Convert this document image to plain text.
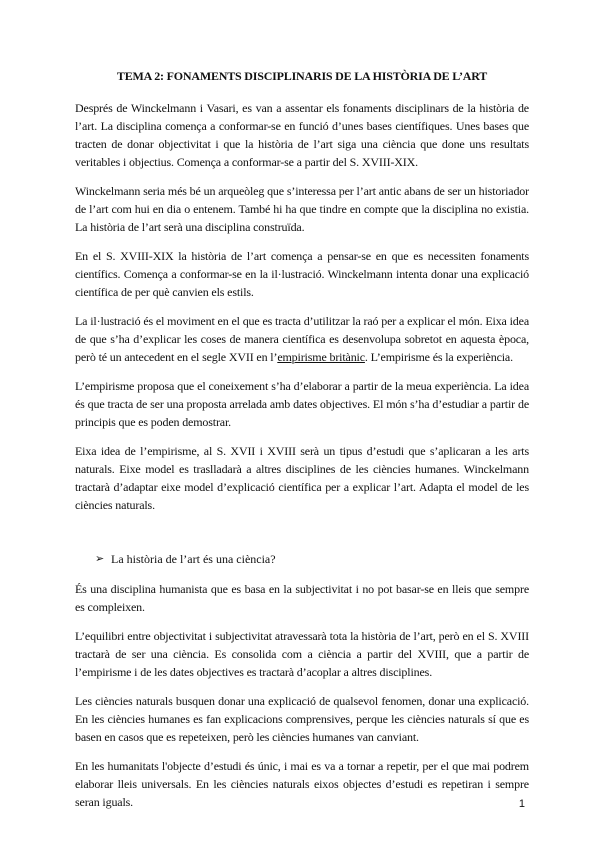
TEMA 2: FONAMENTS DISCIPLINARIS DE LA HISTÒRIA DE L’ART

Després de Winckelmann i Vasari, es van a assentar els fonaments disciplinars de la història de l’art. La disciplina comença a conformar-se en funció d’unes bases científiques. Unes bases que tracten de donar objectivitat i que la història de l’art siga una ciència que done uns resultats veritables i objectius. Comença a conformar-se a partir del S. XVIII-XIX.

Winckelmann seria més bé un arqueòleg que s’interessa per l’art antic abans de ser un historiador de l’art com hui en dia o entenem. També hi ha que tindre en compte que la disciplina no existia. La història de l’art serà una disciplina construïda.

En el S. XVIII-XIX la història de l’art comença a pensar-se en que es necessiten fonaments científics. Comença a conformar-se en la il·lustració. Winckelmann intenta donar una explicació científica de per què canvien els estils.

La il·lustració és el moviment en el que es tracta d’utilitzar la raó per a explicar el món. Eixa idea de que s’ha d’explicar les coses de manera científica es desenvolupa sobretot en aquesta època, però té un antecedent en el segle XVII en l’empirisme britànic. L’empirisme és la experiència.

L’empirisme proposa que el coneixement s’ha d’elaborar a partir de la meua experiència. La idea és que tracta de ser una proposta arrelada amb dates objectives. El món s’ha d’estudiar a partir de principis que es poden demostrar.

Eixa idea de l’empirisme, al S. XVII i XVIII serà un tipus d’estudi que s’aplicaran a les arts naturals. Eixe model es traslladarà a altres disciplines de les ciències humanes. Winckelmann tractarà d’adaptar eixe model d’explicació científica per a explicar l’art. Adapta el model de les ciències naturals.

➢ La història de l’art és una ciència?

És una disciplina humanista que es basa en la subjectivitat i no pot basar-se en lleis que sempre es compleixen.

L’equilibri entre objectivitat i subjectivitat atravessarà tota la història de l’art, però en el S. XVIII tractarà de ser una ciència. Es consolida com a ciència a partir del XVIII, que a partir de l’empirisme i de les dates objectives es tractarà d’acoplar a altres disciplines.

Les ciències naturals busquen donar una explicació de qualsevol fenomen, donar una explicació. En les ciències humanes es fan explicacions comprensives, perque les ciències naturals sí que es basen en casos que es repeteixen, però les ciències humanes van canviant.

En les humanitats l'objecte d’estudi és únic, i mai es va a tornar a repetir, per el que mai podrem elaborar lleis universals. En les ciències naturals eixos objectes d’estudi es repetiran i sempre seran iguals.	1
